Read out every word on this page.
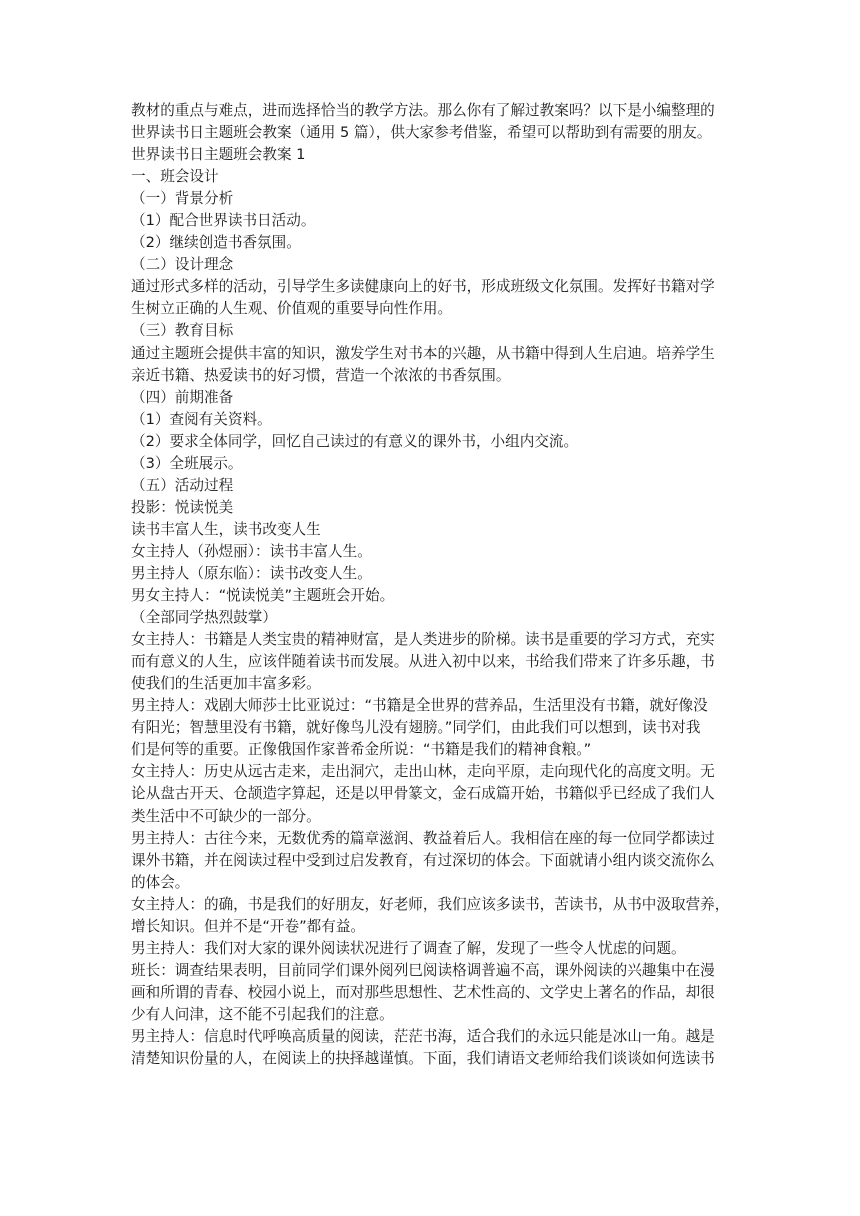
教材的重点与难点，进而选择恰当的教学方法。那么你有了解过教案吗？以下是小编整理的
世界读书日主题班会教案（通用 5 篇），供大家参考借鉴，希望可以帮助到有需要的朋友。
世界读书日主题班会教案 1
一、班会设计
（一）背景分析
（1）配合世界读书日活动。
（2）继续创造书香氛围。
（二）设计理念
通过形式多样的活动，引导学生多读健康向上的好书，形成班级文化氛围。发挥好书籍对学
生树立正确的人生观、价值观的重要导向性作用。
（三）教育目标
通过主题班会提供丰富的知识，激发学生对书本的兴趣，从书籍中得到人生启迪。培养学生
亲近书籍、热爱读书的好习惯，营造一个浓浓的书香氛围。
（四）前期准备
（1）查阅有关资料。
（2）要求全体同学，回忆自己读过的有意义的课外书，小组内交流。
（3）全班展示。
（五）活动过程
投影：悦读悦美
读书丰富人生，读书改变人生
女主持人（孙煜丽）：读书丰富人生。
男主持人（原东临）：读书改变人生。
男女主持人：“悦读悦美”主题班会开始。
（全部同学热烈鼓掌）
女主持人：书籍是人类宝贵的精神财富，是人类进步的阶梯。读书是重要的学习方式，充实
而有意义的人生，应该伴随着读书而发展。从进入初中以来，书给我们带来了许多乐趣，书
使我们的生活更加丰富多彩。
男主持人：戏剧大师莎士比亚说过：“书籍是全世界的营养品，生活里没有书籍，就好像没
有阳光；智慧里没有书籍，就好像鸟儿没有翅膀。”同学们，由此我们可以想到，读书对我
们是何等的重要。正像俄国作家普希金所说：“书籍是我们的精神食粮。”
女主持人：历史从远古走来，走出洞穴，走出山林，走向平原，走向现代化的高度文明。无
论从盘古开天、仓颉造字算起，还是以甲骨篆文，金石成篇开始，书籍似乎已经成了我们人
类生活中不可缺少的一部分。
男主持人：古往今来，无数优秀的篇章滋润、教益着后人。我相信在座的每一位同学都读过
课外书籍，并在阅读过程中受到过启发教育，有过深切的体会。下面就请小组内谈交流你么
的体会。
女主持人：的确，书是我们的好朋友，好老师，我们应该多读书，苦读书，从书中汲取营养，
增长知识。但并不是“开卷”都有益。
男主持人：我们对大家的课外阅读状况进行了调查了解，发现了一些令人忧虑的问题。
班长：调查结果表明，目前同学们课外阅列巳阅读格调普遍不高，课外阅读的兴趣集中在漫
画和所谓的青春、校园小说上，而对那些思想性、艺术性高的、文学史上著名的作品，却很
少有人问津，这不能不引起我们的注意。
男主持人：信息时代呼唤高质量的阅读，茫茫书海，适合我们的永远只能是冰山一角。越是
清楚知识份量的人，在阅读上的抉择越谨慎。下面，我们请语文老师给我们谈谈如何选读书
